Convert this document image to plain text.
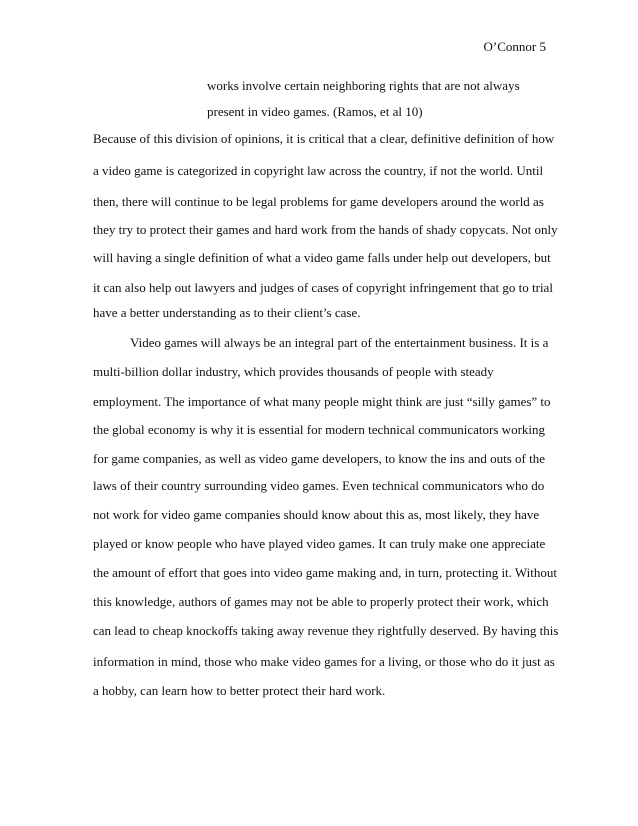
O’Connor 5
works involve certain neighboring rights that are not always
present in video games. (Ramos, et al 10)
Because of this division of opinions, it is critical that a clear, definitive definition of how
a video game is categorized in copyright law across the country, if not the world. Until
then, there will continue to be legal problems for game developers around the world as
they try to protect their games and hard work from the hands of shady copycats. Not only
will having a single definition of what a video game falls under help out developers, but
it can also help out lawyers and judges of cases of copyright infringement that go to trial
have a better understanding as to their client’s case.
Video games will always be an integral part of the entertainment business. It is a
multi-billion dollar industry, which provides thousands of people with steady
employment. The importance of what many people might think are just “silly games” to
the global economy is why it is essential for modern technical communicators working
for game companies, as well as video game developers, to know the ins and outs of the
laws of their country surrounding video games. Even technical communicators who do
not work for video game companies should know about this as, most likely, they have
played or know people who have played video games. It can truly make one appreciate
the amount of effort that goes into video game making and, in turn, protecting it. Without
this knowledge, authors of games may not be able to properly protect their work, which
can lead to cheap knockoffs taking away revenue they rightfully deserved. By having this
information in mind, those who make video games for a living, or those who do it just as
a hobby, can learn how to better protect their hard work.
